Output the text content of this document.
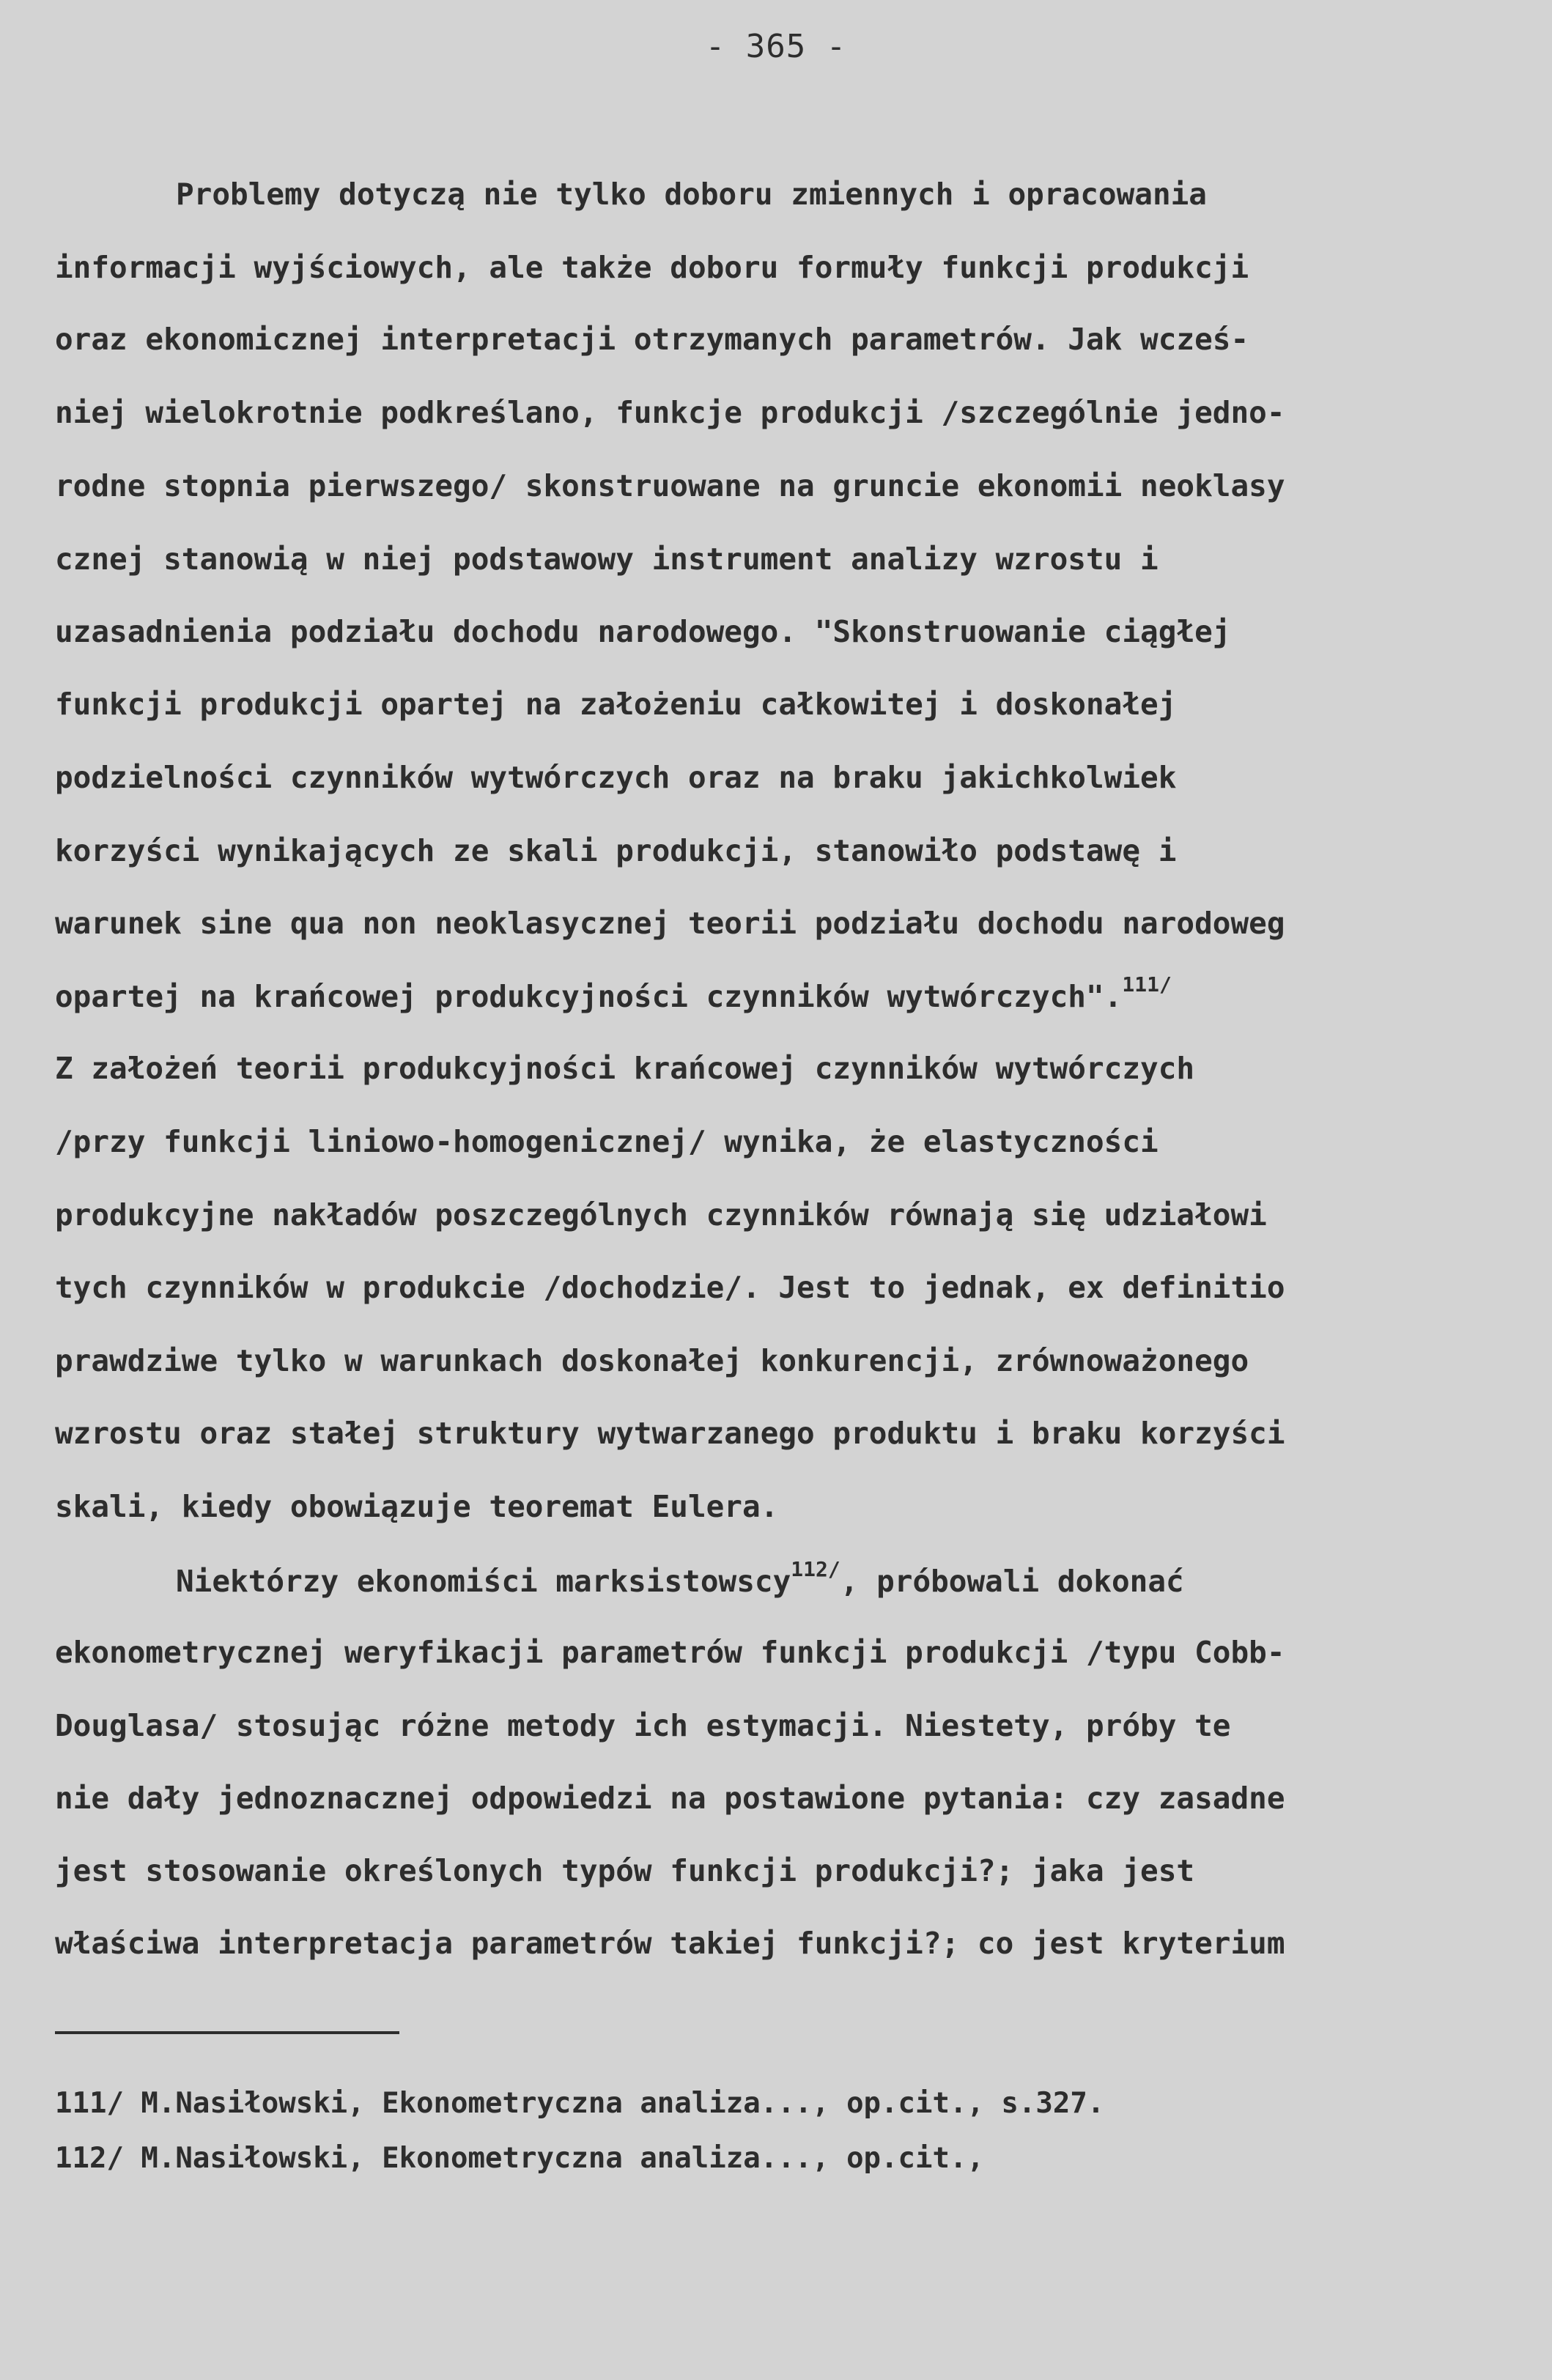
- 365 -
Problemy dotyczą nie tylko doboru zmiennych i opracowania
informacji wyjściowych, ale także doboru formuły funkcji produkcji
oraz ekonomicznej interpretacji otrzymanych parametrów. Jak wcześ-
niej wielokrotnie podkreślano, funkcje produkcji /szczególnie jedno-
rodne stopnia pierwszego/ skonstruowane na gruncie ekonomii neoklasy
cznej stanowią w niej podstawowy instrument analizy wzrostu i
uzasadnienia podziału dochodu narodowego. "Skonstruowanie ciągłej
funkcji produkcji opartej na założeniu całkowitej i doskonałej
podzielności czynników wytwórczych oraz na braku jakichkolwiek
korzyści wynikających ze skali produkcji, stanowiło podstawę i
warunek sine qua non neoklasycznej teorii podziału dochodu narodoweg
opartej na krańcowej produkcyjności czynników wytwórczych".$^{111/}$
Z założeń teorii produkcyjności krańcowej czynników wytwórczych
/przy funkcji liniowo-homogenicznej/ wynika, że elastyczności
produkcyjne nakładów poszczególnych czynników równają się udziałowi
tych czynników w produkcie /dochodzie/. Jest to jednak, ex definitio
prawdziwe tylko w warunkach doskonałej konkurencji, zrównoważonego
wzrostu oraz stałej struktury wytwarzanego produktu i braku korzyści
skali, kiedy obowiązuje teoremat Eulera.
Niektórzy ekonomiści marksistowscy$^{112/}$, próbowali dokonać
ekonometrycznej weryfikacji parametrów funkcji produkcji /typu Cobb-
Douglasa/ stosując różne metody ich estymacji. Niestety, próby te
nie dały jednoznacznej odpowiedzi na postawione pytania: czy zasadne
jest stosowanie określonych typów funkcji produkcji?; jaka jest
właściwa interpretacja parametrów takiej funkcji?; co jest kryterium
111/ M.Nasiłowski, Ekonometryczna analiza..., op.cit., s.327.
112/ M.Nasiłowski, Ekonometryczna analiza..., op.cit.,
